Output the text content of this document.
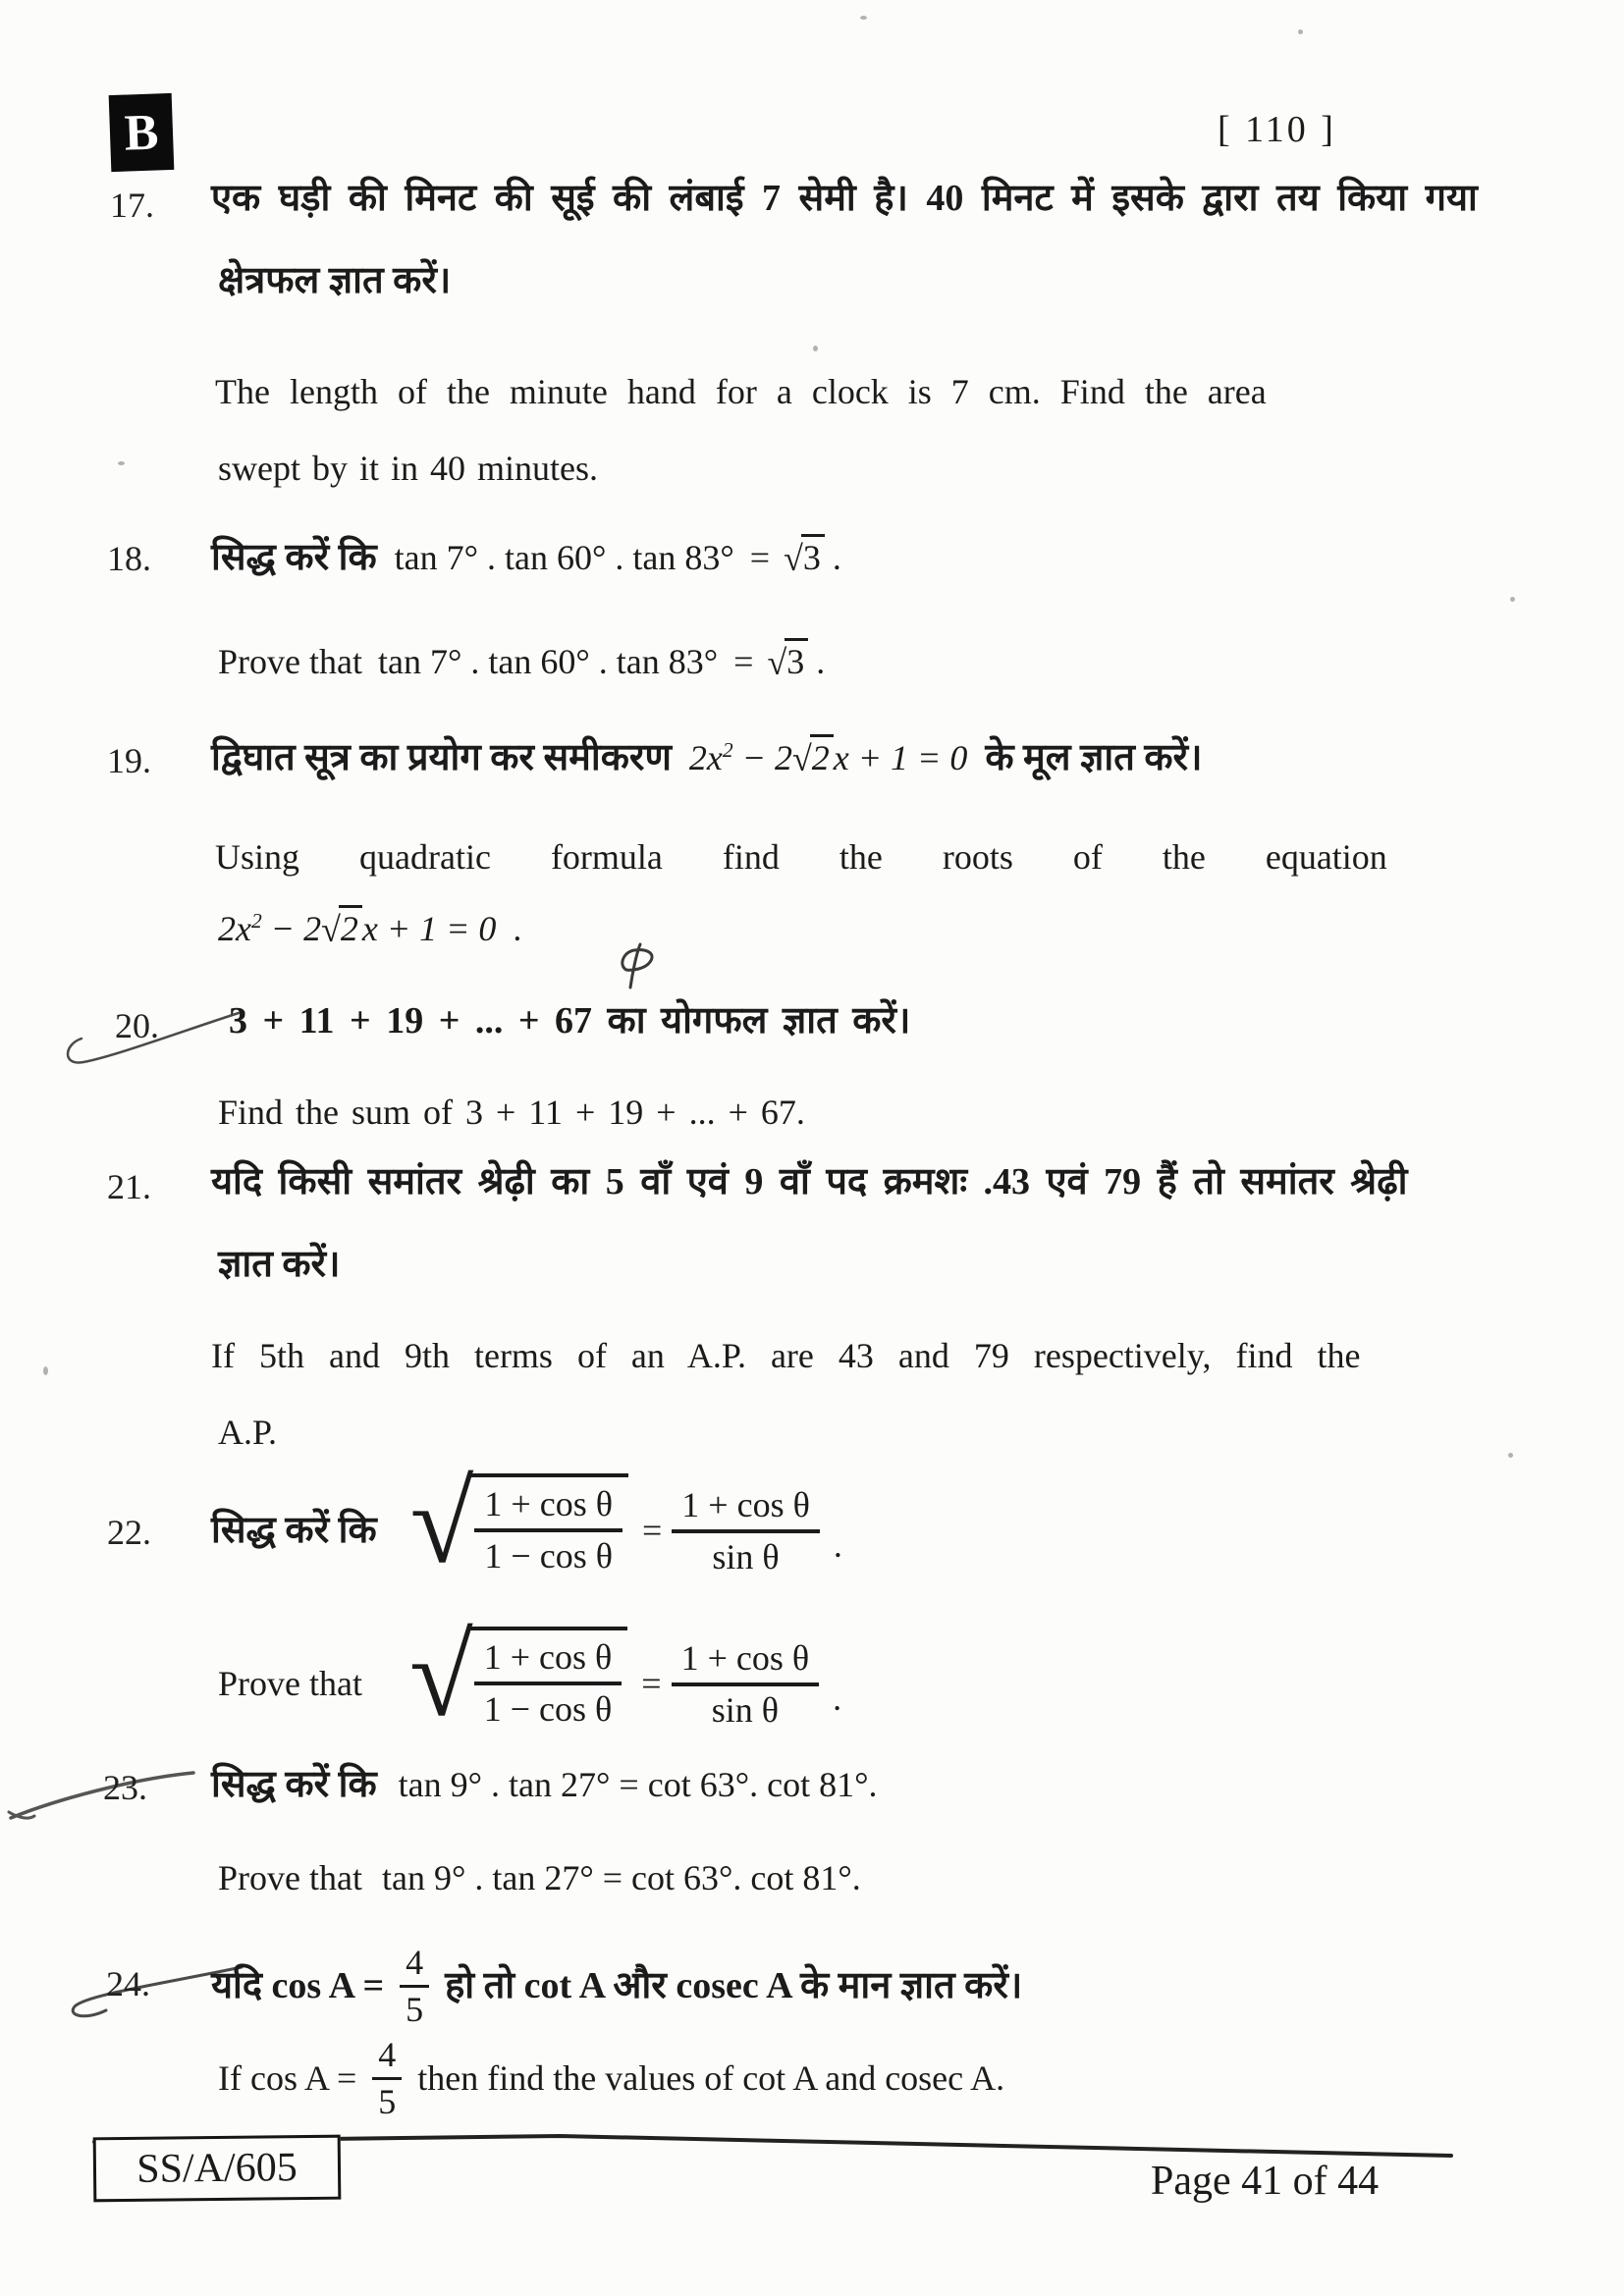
B	[ 110 ]
17. एक घड़ी की मिनट की सूई की लंबाई 7 सेमी है। 40 मिनट में इसके द्वारा तय किया गया
क्षेत्रफल ज्ञात करें।
The length of the minute hand for a clock is 7 cm. Find the area
swept by it in 40 minutes.
18. सिद्ध करें कि tan 7° . tan 60° . tan 83° = √3 .
Prove that tan 7° . tan 60° . tan 83° = √3 .
19. द्विघात सूत्र का प्रयोग कर समीकरण $2x^2 - 2√2$ x + 1 = 0 के मूल ज्ञात करें।
Using quadratic formula find the roots of the equation
$2x^2 - 2√2$ x + 1 = 0 .
20. 3 + 11 + 19 + ... + 67 का योगफल ज्ञात करें।
Find the sum of 3 + 11 + 19 + ... + 67.
21. यदि किसी समांतर श्रेढ़ी का 5 वाँ एवं 9 वाँ पद क्रमशः .43 एवं 79 हैं तो समांतर श्रेढ़ी
ज्ञात करें।
If 5th and 9th terms of an A.P. are 43 and 79 respectively, find the
A.P.
22. सिद्ध करें कि √ $\frac{\text{1 + cos θ}}{\text{1 − cos θ}} = \frac{\text{1 + cos θ}}{\text{sin θ}}$ .
Prove that √ $\frac{\text{1 + cos θ}}{\text{1 − cos θ}} = \frac{\text{1 + cos θ}}{\text{sin θ}}$ .
23. सिद्ध करें कि tan 9° . tan 27° = cot 63°. cot 81°.
Prove that tan 9° . tan 27° = cot 63°. cot 81°.
24. यदि $\cos A = \frac{4}{5}$ हो तो cot A और cosec A के मान ज्ञात करें।
If $\cos A = \frac{4}{5}$ then find the values of cot A and cosec A.
SS/A/605	Page 41 of 44
